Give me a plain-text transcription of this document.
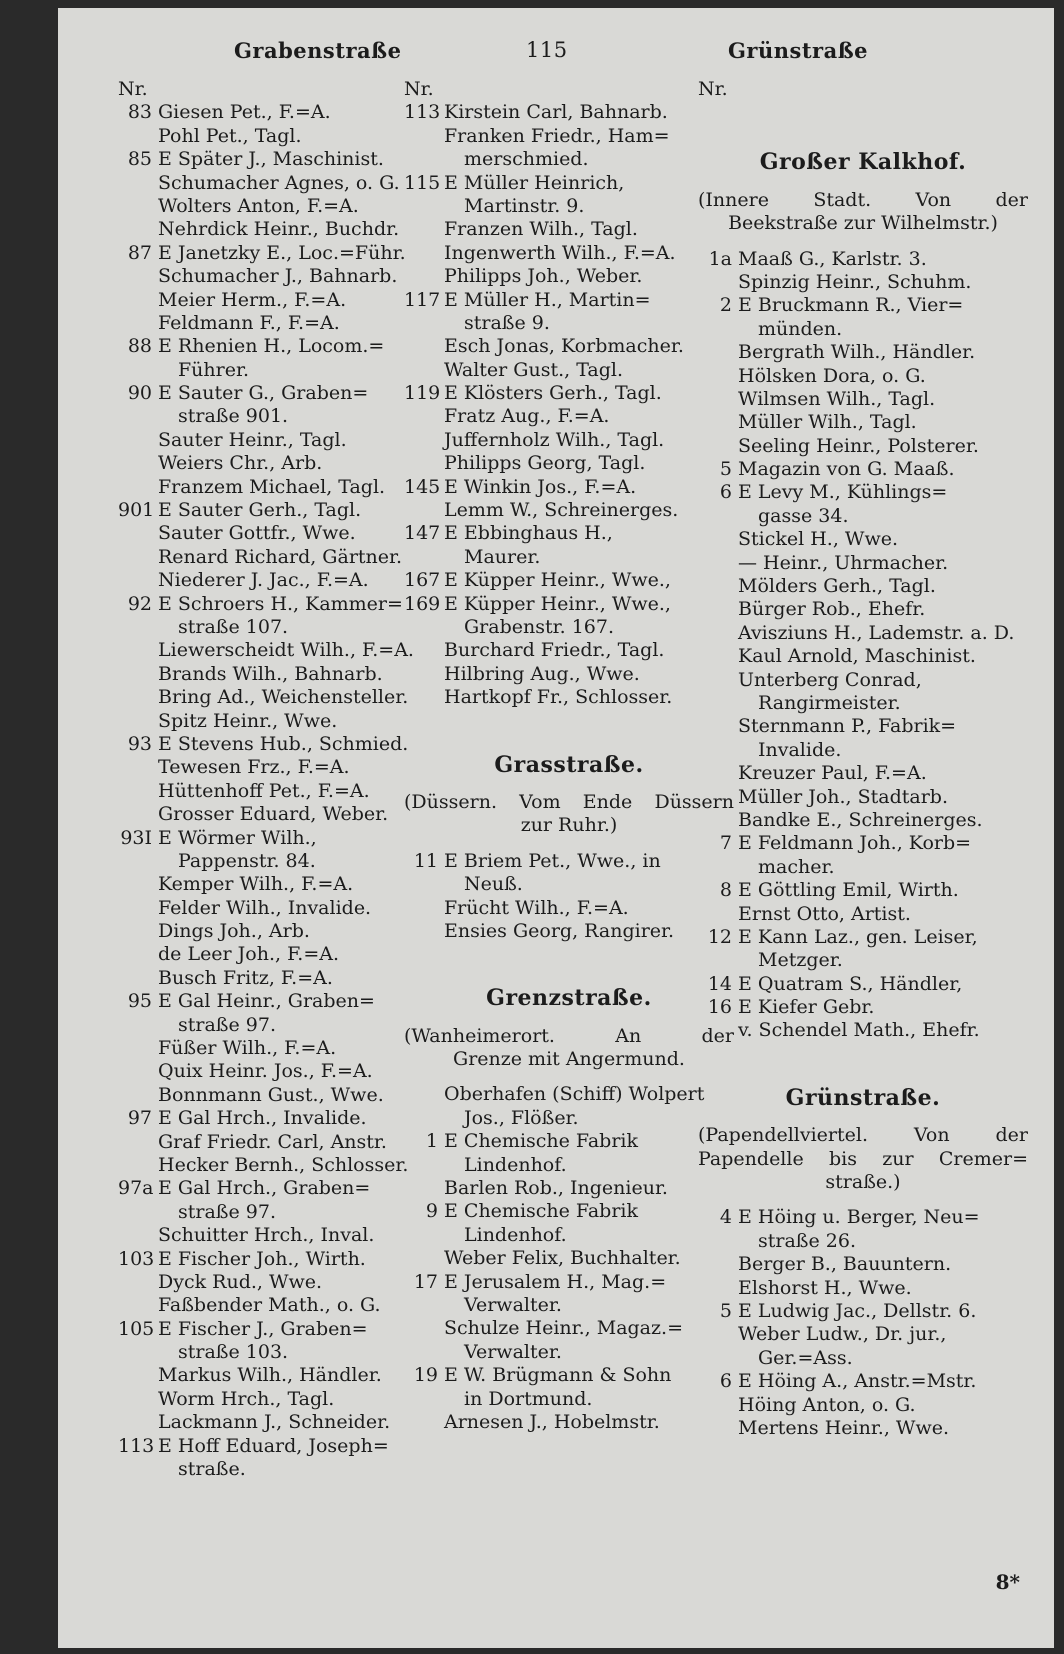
Grabenstraße	115	Grünstraße
Nr.
83 Giesen Pet., F.=A.
Pohl Pet., Tagl.
85 E Später J., Maschinist.
Schumacher Agnes, o. G.
Wolters Anton, F.=A.
Nehrdick Heinr., Buchdr.
87 E Janetzky E., Loc.=Führ.
Schumacher J., Bahnarb.
Meier Herm., F.=A.
Feldmann F., F.=A.
88 E Rhenien H., Locom.=
Führer.
90 E Sauter G., Graben=
straße 901.
Sauter Heinr., Tagl.
Weiers Chr., Arb.
Franzem Michael, Tagl.
901 E Sauter Gerh., Tagl.
Sauter Gottfr., Wwe.
Renard Richard, Gärtner.
Niederer J. Jac., F.=A.
92 E Schroers H., Kammer=
straße 107.
Liewerscheidt Wilh., F.=A.
Brands Wilh., Bahnarb.
Bring Ad., Weichensteller.
Spitz Heinr., Wwe.
93 E Stevens Hub., Schmied.
Tewesen Frz., F.=A.
Hüttenhoff Pet., F.=A.
Grosser Eduard, Weber.
93I E Wörmer Wilh.,
Pappenstr. 84.
Kemper Wilh., F.=A.
Felder Wilh., Invalide.
Dings Joh., Arb.
de Leer Joh., F.=A.
Busch Fritz, F.=A.
95 E Gal Heinr., Graben=
straße 97.
Füßer Wilh., F.=A.
Quix Heinr. Jos., F.=A.
Bonnmann Gust., Wwe.
97 E Gal Hrch., Invalide.
Graf Friedr. Carl, Anstr.
Hecker Bernh., Schlosser.
97a E Gal Hrch., Graben=
straße 97.
Schuitter Hrch., Inval.
103 E Fischer Joh., Wirth.
Dyck Rud., Wwe.
Faßbender Math., o. G.
105 E Fischer J., Graben=
straße 103.
Markus Wilh., Händler.
Worm Hrch., Tagl.
Lackmann J., Schneider.
113 E Hoff Eduard, Joseph=
straße.
Nr.
113 Kirstein Carl, Bahnarb.
Franken Friedr., Ham=
merschmied.
115 E Müller Heinrich,
Martinstr. 9.
Franzen Wilh., Tagl.
Ingenwerth Wilh., F.=A.
Philipps Joh., Weber.
117 E Müller H., Martin=
straße 9.
Esch Jonas, Korbmacher.
Walter Gust., Tagl.
119 E Klösters Gerh., Tagl.
Fratz Aug., F.=A.
Juffernholz Wilh., Tagl.
Philipps Georg, Tagl.
145 E Winkin Jos., F.=A.
Lemm W., Schreinerges.
147 E Ebbinghaus H.,
Maurer.
167 E Küpper Heinr., Wwe.,
169 E Küpper Heinr., Wwe.,
Grabenstr. 167.
Burchard Friedr., Tagl.
Hilbring Aug., Wwe.
Hartkopf Fr., Schlosser.
Grasstraße.
(Düssern. Vom Ende Düssern
zur Ruhr.)
11 E Briem Pet., Wwe., in
Neuß.
Frücht Wilh., F.=A.
Ensies Georg, Rangirer.
Grenzstraße.
(Wanheimerort. An der
Grenze mit Angermund.
Oberhafen (Schiff) Wolpert
Jos., Flößer.
1 E Chemische Fabrik
Lindenhof.
Barlen Rob., Ingenieur.
9 E Chemische Fabrik
Lindenhof.
Weber Felix, Buchhalter.
17 E Jerusalem H., Mag.=
Verwalter.
Schulze Heinr., Magaz.=
Verwalter.
19 E W. Brügmann & Sohn
in Dortmund.
Arnesen J., Hobelmstr.
Nr.
Großer Kalkhof.
(Innere Stadt. Von der
Beekstraße zur Wilhelmstr.)
1a Maaß G., Karlstr. 3.
Spinzig Heinr., Schuhm.
2 E Bruckmann R., Vier=
münden.
Bergrath Wilh., Händler.
Hölsken Dora, o. G.
Wilmsen Wilh., Tagl.
Müller Wilh., Tagl.
Seeling Heinr., Polsterer.
5 Magazin von G. Maaß.
6 E Levy M., Kühlings=
gasse 34.
Stickel H., Wwe.
— Heinr., Uhrmacher.
Mölders Gerh., Tagl.
Bürger Rob., Ehefr.
Avisziuns H., Lademstr. a. D.
Kaul Arnold, Maschinist.
Unterberg Conrad,
Rangirmeister.
Sternmann P., Fabrik=
Invalide.
Kreuzer Paul, F.=A.
Müller Joh., Stadtarb.
Bandke E., Schreinerges.
7 E Feldmann Joh., Korb=
macher.
8 E Göttling Emil, Wirth.
Ernst Otto, Artist.
12 E Kann Laz., gen. Leiser,
Metzger.
14 E Quatram S., Händler,
16 E Kiefer Gebr.
v. Schendel Math., Ehefr.
Grünstraße.
(Papendellviertel. Von der
Papendelle bis zur Cremer=
straße.)
4 E Höing u. Berger, Neu=
straße 26.
Berger B., Bauuntern.
Elshorst H., Wwe.
5 E Ludwig Jac., Dellstr. 6.
Weber Ludw., Dr. jur.,
Ger.=Ass.
6 E Höing A., Anstr.=Mstr.
Höing Anton, o. G.
Mertens Heinr., Wwe.
8*
